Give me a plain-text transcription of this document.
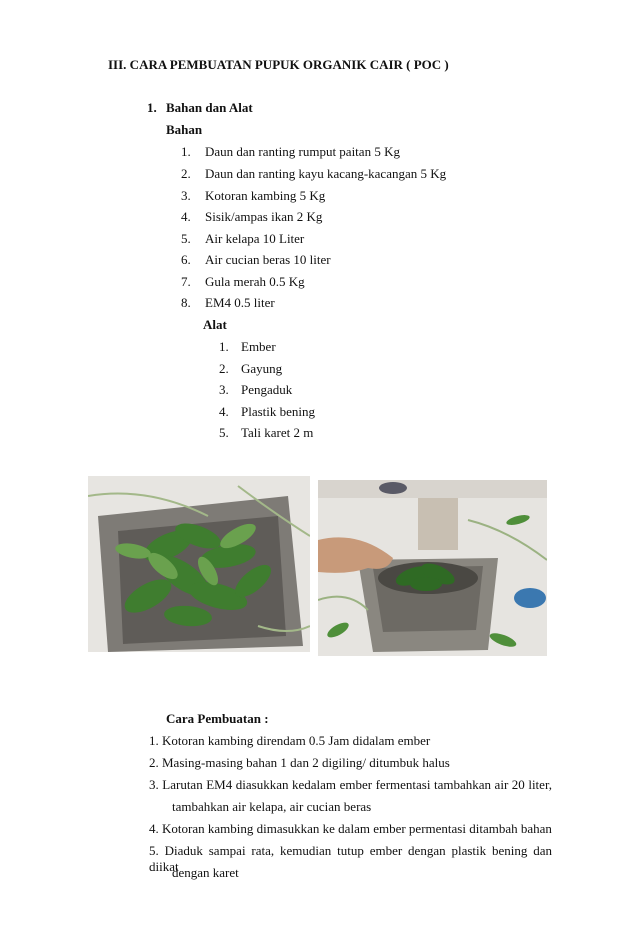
III. CARA PEMBUATAN PUPUK ORGANIK CAIR ( POC )
1. Bahan dan Alat
Bahan
1. Daun dan ranting rumput paitan 5 Kg
2. Daun dan ranting kayu kacang-kacangan 5 Kg
3. Kotoran kambing 5 Kg
4. Sisik/ampas ikan 2 Kg
5. Air kelapa 10 Liter
6. Air cucian beras 10 liter
7. Gula merah 0.5 Kg
8. EM4 0.5 liter
Alat
1. Ember
2. Gayung
3. Pengaduk
4. Plastik bening
5. Tali karet 2 m
Cara Pembuatan :
1. Kotoran kambing direndam 0.5 Jam didalam ember
2. Masing-masing bahan 1 dan 2 digiling/ ditumbuk halus
3. Larutan EM4 diasukkan kedalam ember fermentasi tambahkan air 20 liter,
tambahkan air kelapa, air cucian beras
4. Kotoran kambing dimasukkan ke dalam ember permentasi ditambah bahan
5. Diaduk sampai rata, kemudian tutup ember dengan plastik bening dan diikat
dengan karet
